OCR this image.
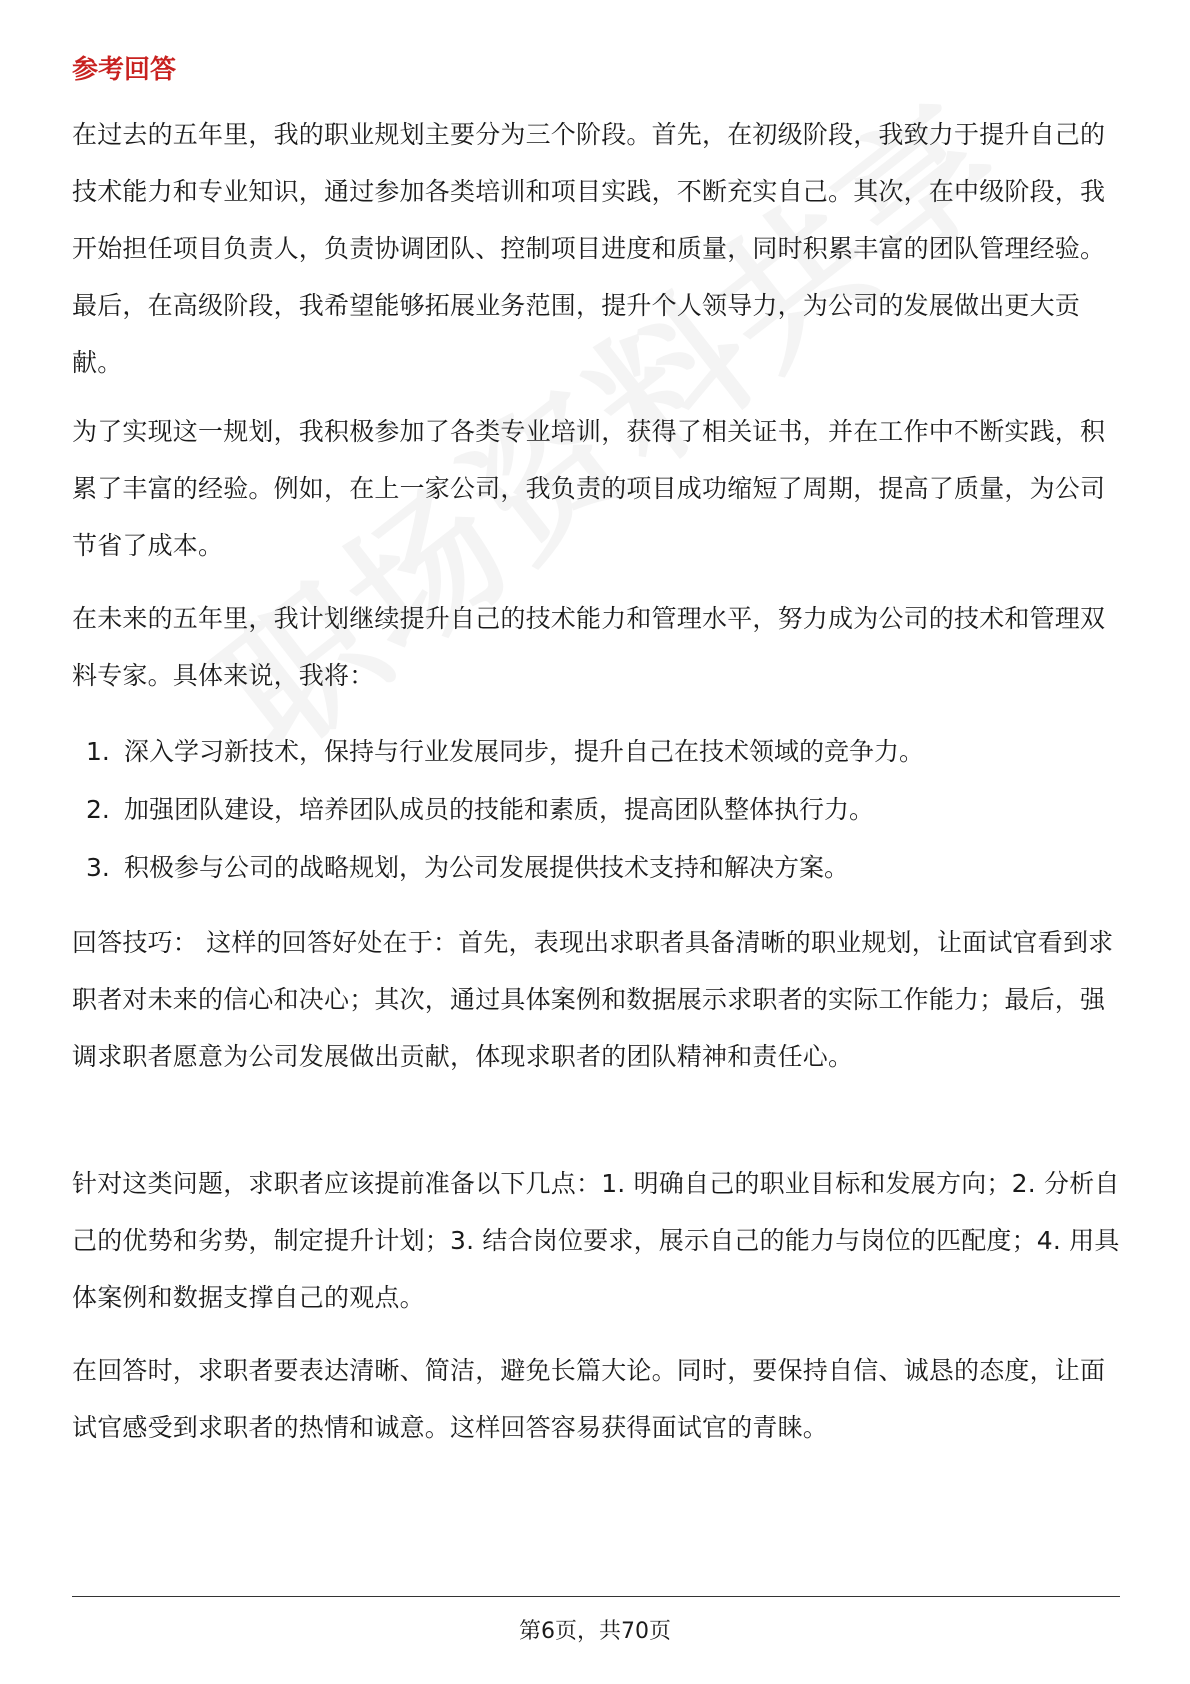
参考回答

在过去的五年里，我的职业规划主要分为三个阶段。首先，在初级阶段，我致力于提升自己的技术能力和专业知识，通过参加各类培训和项目实践，不断充实自己。其次，在中级阶段，我开始担任项目负责人，负责协调团队、控制项目进度和质量，同时积累丰富的团队管理经验。最后，在高级阶段，我希望能够拓展业务范围，提升个人领导力，为公司的发展做出更大贡献。

为了实现这一规划，我积极参加了各类专业培训，获得了相关证书，并在工作中不断实践，积累了丰富的经验。例如，在上一家公司，我负责的项目成功缩短了周期，提高了质量，为公司节省了成本。

在未来的五年里，我计划继续提升自己的技术能力和管理水平，努力成为公司的技术和管理双料专家。具体来说，我将：

1. 深入学习新技术，保持与行业发展同步，提升自己在技术领域的竞争力。
2. 加强团队建设，培养团队成员的技能和素质，提高团队整体执行力。
3. 积极参与公司的战略规划，为公司发展提供技术支持和解决方案。

回答技巧： 这样的回答好处在于：首先，表现出求职者具备清晰的职业规划，让面试官看到求职者对未来的信心和决心；其次，通过具体案例和数据展示求职者的实际工作能力；最后，强调求职者愿意为公司发展做出贡献，体现求职者的团队精神和责任心。

针对这类问题，求职者应该提前准备以下几点：1. 明确自己的职业目标和发展方向；2. 分析自己的优势和劣势，制定提升计划；3. 结合岗位要求，展示自己的能力与岗位的匹配度；4. 用具体案例和数据支撑自己的观点。

在回答时，求职者要表达清晰、简洁，避免长篇大论。同时，要保持自信、诚恳的态度，让面试官感受到求职者的热情和诚意。这样回答容易获得面试官的青睐。

第6页，共70页
